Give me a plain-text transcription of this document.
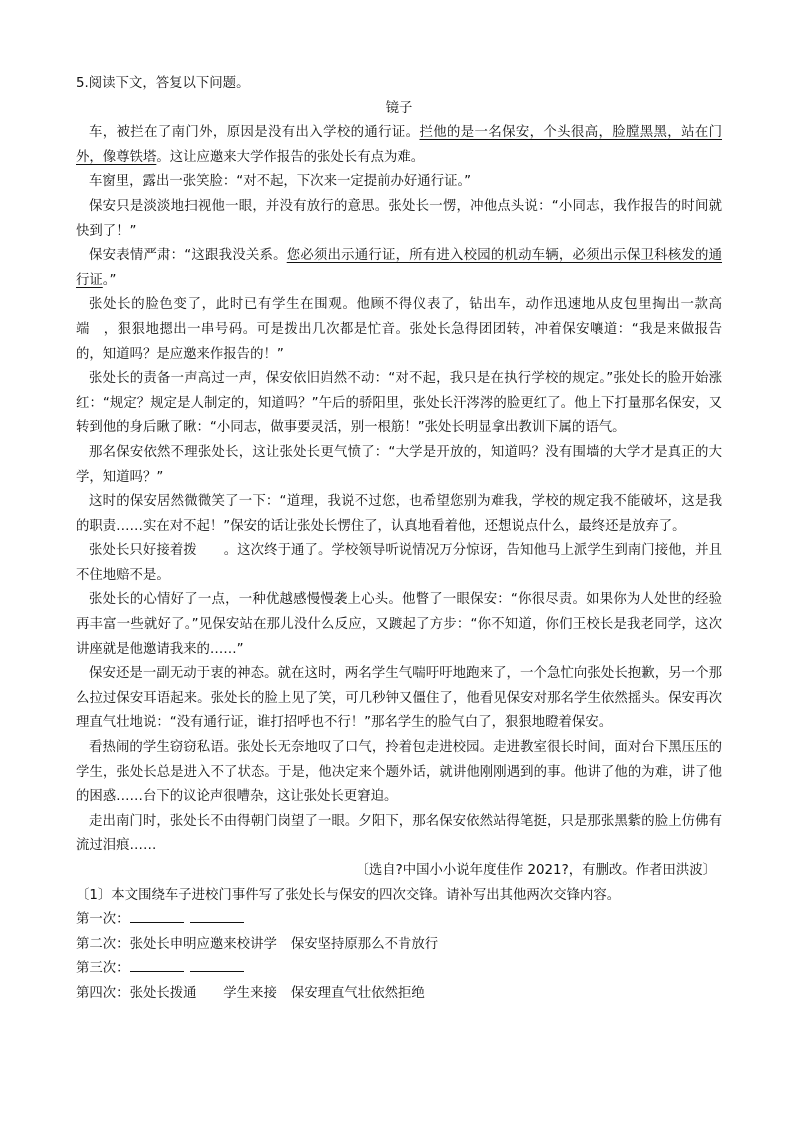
5.阅读下文，答复以下问题。

镜子

车，被拦在了南门外，原因是没有出入学校的通行证。拦他的是一名保安，个头很高，脸膛黑黑，站在门外，像尊铁塔。这让应邀来大学作报告的张处长有点为难。

车窗里，露出一张笑脸：“对不起，下次来一定提前办好通行证。”

保安只是淡淡地扫视他一眼，并没有放行的意思。张处长一愣，冲他点头说：“小同志，我作报告的时间就快到了！”

保安表情严肃：“这跟我没关系。您必须出示通行证，所有进入校园的机动车辆，必须出示保卫科核发的通行证。”

张处长的脸色变了，此时已有学生在围观。他顾不得仪表了，钻出车，动作迅速地从皮包里掏出一款高端　，狠狠地摁出一串号码。可是拨出几次都是忙音。张处长急得团团转，冲着保安嚷道：“我是来做报告的，知道吗？是应邀来作报告的！”

张处长的责备一声高过一声，保安依旧岿然不动：“对不起，我只是在执行学校的规定。”张处长的脸开始涨红：“规定？规定是人制定的，知道吗？”午后的骄阳里，张处长汗涔涔的脸更红了。他上下打量那名保安，又转到他的身后瞅了瞅：“小同志，做事要灵活，别一根筋！”张处长明显拿出教训下属的语气。

那名保安依然不理张处长，这让张处长更气愤了：“大学是开放的，知道吗？没有围墙的大学才是真正的大学，知道吗？”

这时的保安居然微微笑了一下：“道理，我说不过您，也希望您别为难我，学校的规定我不能破坏，这是我的职责……实在对不起！”保安的话让张处长愣住了，认真地看着他，还想说点什么，最终还是放弃了。

张处长只好接着拨　　。这次终于通了。学校领导听说情况万分惊讶，告知他马上派学生到南门接他，并且不住地赔不是。

张处长的心情好了一点，一种优越感慢慢袭上心头。他瞥了一眼保安：“你很尽责。如果你为人处世的经验再丰富一些就好了。”见保安站在那儿没什么反应，又踱起了方步：“你不知道，你们王校长是我老同学，这次讲座就是他邀请我来的……”

保安还是一副无动于衷的神态。就在这时，两名学生气喘吁吁地跑来了，一个急忙向张处长抱歉，另一个那么拉过保安耳语起来。张处长的脸上见了笑，可几秒钟又僵住了，他看见保安对那名学生依然摇头。保安再次理直气壮地说：“没有通行证，谁打招呼也不行！”那名学生的脸气白了，狠狠地瞪着保安。

看热闹的学生窃窃私语。张处长无奈地叹了口气，拎着包走进校园。走进教室很长时间，面对台下黑压压的学生，张处长总是进入不了状态。于是，他决定来个题外话，就讲他刚刚遇到的事。他讲了他的为难，讲了他的困惑……台下的议论声很嘈杂，这让张处长更窘迫。

走出南门时，张处长不由得朝门岗望了一眼。夕阳下，那名保安依然站得笔挺，只是那张黑紫的脸上仿佛有流过泪痕……

〔选自?中国小小说年度佳作 2021?，有删改。作者田洪波〕

〔1〕本文围绕车子进校门事件写了张处长与保安的四次交锋。请补写出其他两次交锋内容。

第一次：

第二次：张处长申明应邀来校讲学 保安坚持原那么不肯放行

第三次：

第四次：张处长拨通　　学生来接 保安理直气壮依然拒绝
